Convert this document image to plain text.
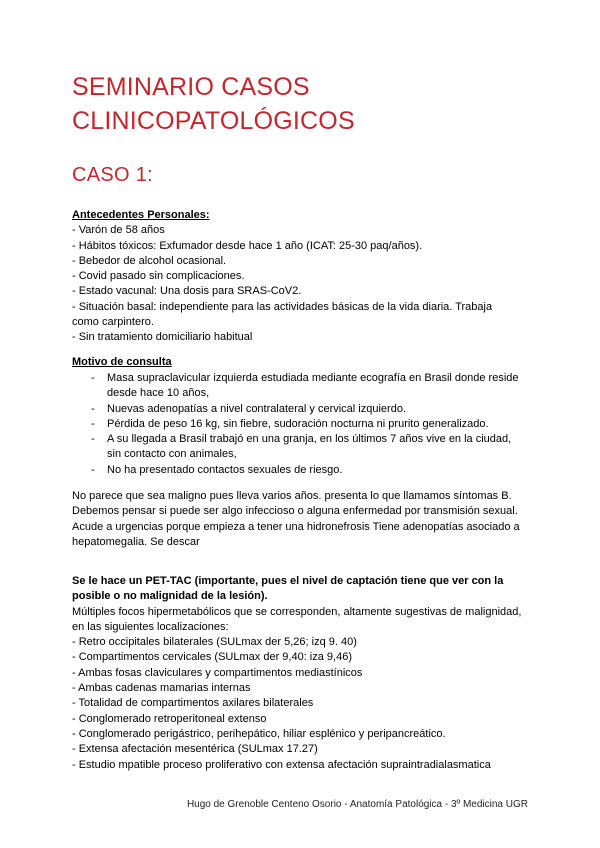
SEMINARIO CASOS
CLINICOPATOLÓGICOS
CASO 1:
Antecedentes Personales:
- Varón de 58 años
- Hábitos tóxicos: Exfumador desde hace 1 año (ICAT: 25-30 paq/años).
- Bebedor de alcohol ocasional.
- Covid pasado sin complicaciones.
- Estado vacunal: Una dosis para SRAS-CoV2.
- Situación basal: independiente para las actividades básicas de la vida diaria. Trabaja
como carpintero.
- Sin tratamiento domiciliario habitual
Motivo de consulta
- Masa supraclavicular izquierda estudiada mediante ecografía en Brasil donde reside
desde hace 10 años,
- Nuevas adenopatías a nivel contralateral y cervical izquierdo.
- Pérdida de peso 16 kg, sin fiebre, sudoración nocturna ni prurito generalizado.
- A su llegada a Brasil trabajó en una granja, en los últimos 7 años vive en la ciudad,
sin contacto con animales,
- No ha presentado contactos sexuales de riesgo.
No parece que sea maligno pues lleva varios años. presenta lo que llamamos síntomas B.
Debemos pensar si puede ser algo infeccioso o alguna enfermedad por transmisión sexual.
Acude a urgencias porque empieza a tener una hidronefrosis Tiene adenopatías asociado a
hepatomegalia. Se descar
Se le hace un PET-TAC (importante, pues el nivel de captación tiene que ver con la
posible o no malignidad de la lesión).
Múltiples focos hipermetabólicos que se corresponden, altamente sugestivas de malignidad,
en las siguientes localizaciones:
- Retro occipitales bilaterales (SULmax der 5,26; izq 9. 40)
- Compartimentos cervicales (SULmax der 9,40: iza 9,46)
- Ambas fosas claviculares y compartimentos mediastínicos
- Ambas cadenas mamarias internas
- Totalidad de compartimentos axilares bilaterales
- Conglomerado retroperitoneal extenso
- Conglomerado perigástrico, perihepático, hiliar esplénico y peripancreático.
- Extensa afectación mesentérica (SULmax 17.27)
- Estudio mpatible proceso proliferativo con extensa afectación supraintradialasmatica
Hugo de Grenoble Centeno Osorio - Anatomía Patológica - 3º Medicina UGR
